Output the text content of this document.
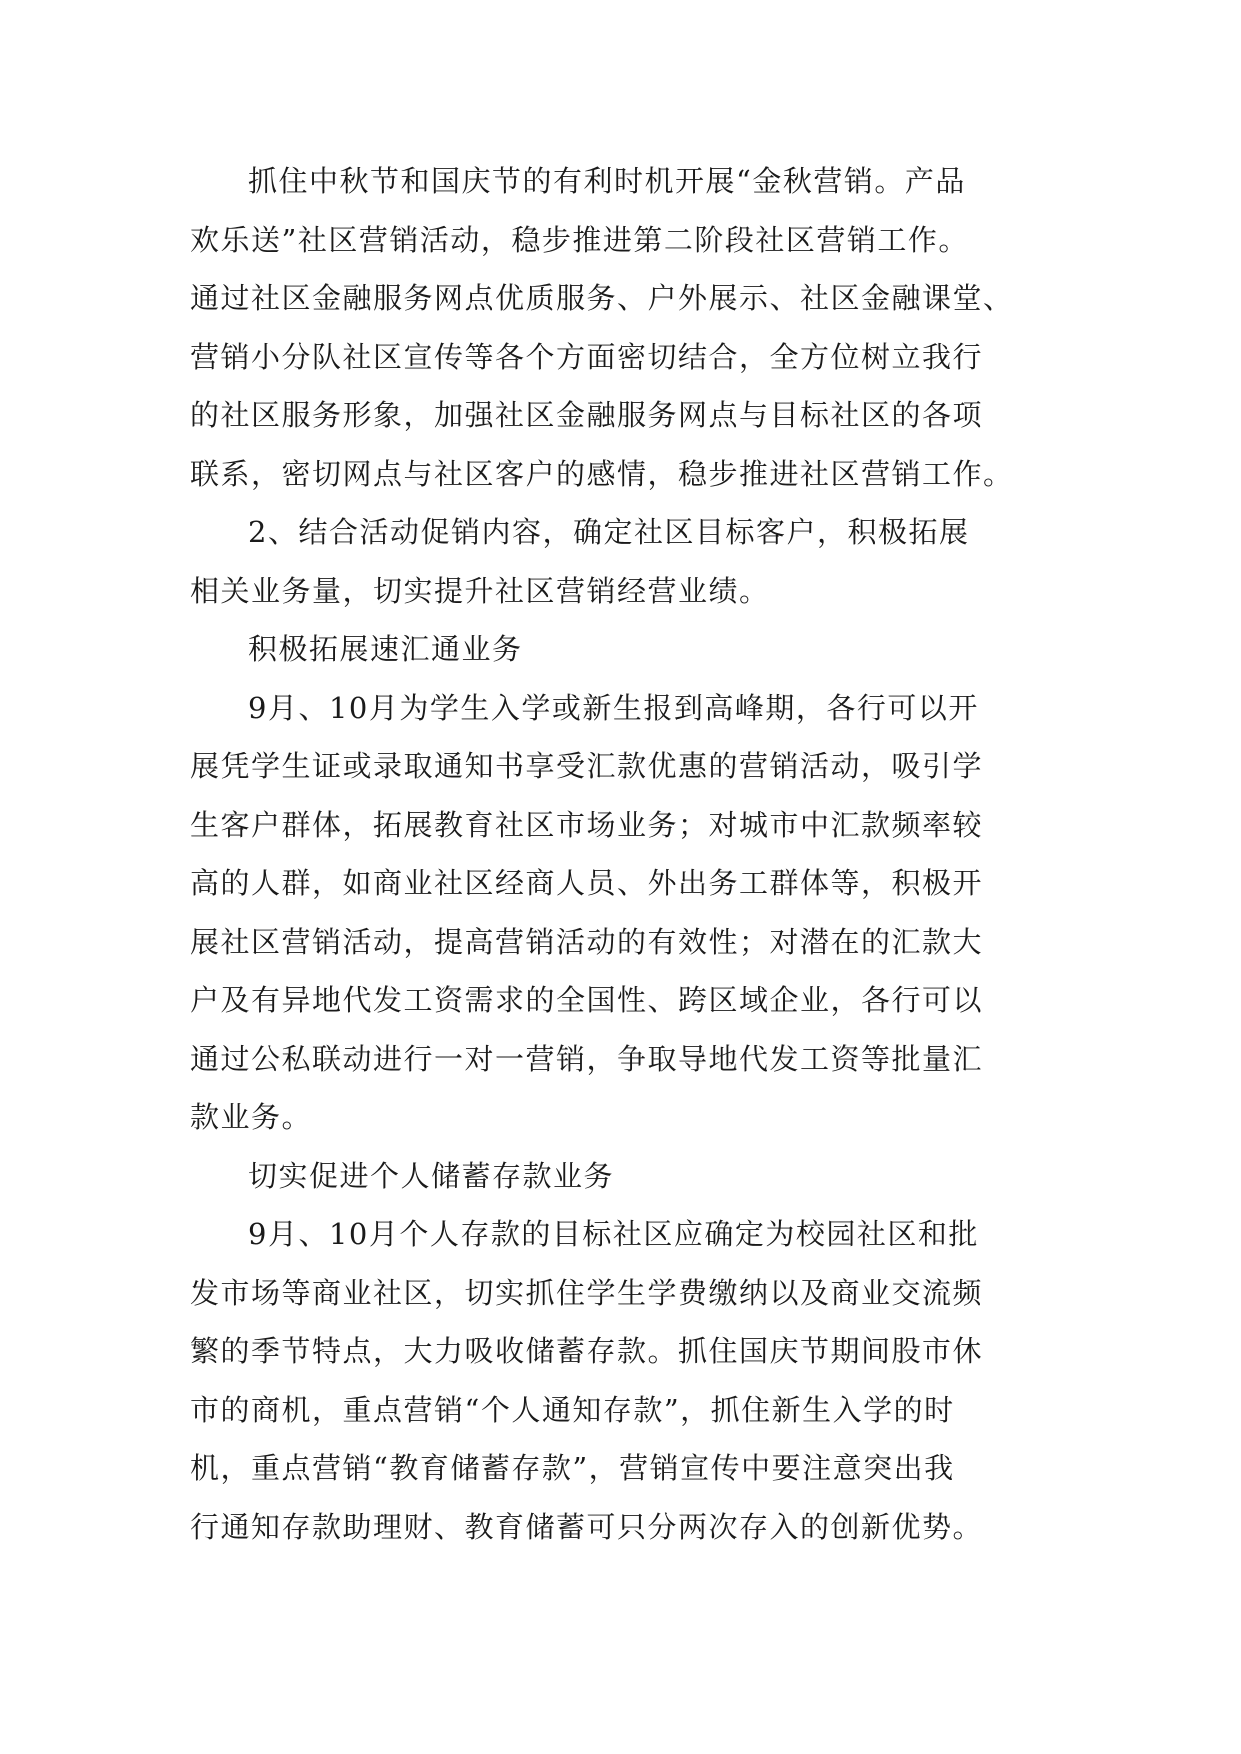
抓住中秋节和国庆节的有利时机开展“金秋营销。产品
欢乐送”社区营销活动，稳步推进第二阶段社区营销工作。
通过社区金融服务网点优质服务、户外展示、社区金融课堂、
营销小分队社区宣传等各个方面密切结合，全方位树立我行
的社区服务形象，加强社区金融服务网点与目标社区的各项
联系，密切网点与社区客户的感情，稳步推进社区营销工作。
2、结合活动促销内容，确定社区目标客户，积极拓展
相关业务量，切实提升社区营销经营业绩。
积极拓展速汇通业务
9月、10月为学生入学或新生报到高峰期，各行可以开
展凭学生证或录取通知书享受汇款优惠的营销活动，吸引学
生客户群体，拓展教育社区市场业务；对城市中汇款频率较
高的人群，如商业社区经商人员、外出务工群体等，积极开
展社区营销活动，提高营销活动的有效性；对潜在的汇款大
户及有异地代发工资需求的全国性、跨区域企业，各行可以
通过公私联动进行一对一营销，争取导地代发工资等批量汇
款业务。
切实促进个人储蓄存款业务
9月、10月个人存款的目标社区应确定为校园社区和批
发市场等商业社区，切实抓住学生学费缴纳以及商业交流频
繁的季节特点，大力吸收储蓄存款。抓住国庆节期间股市休
市的商机，重点营销“个人通知存款”，抓住新生入学的时
机，重点营销“教育储蓄存款”，营销宣传中要注意突出我
行通知存款助理财、教育储蓄可只分两次存入的创新优势。
